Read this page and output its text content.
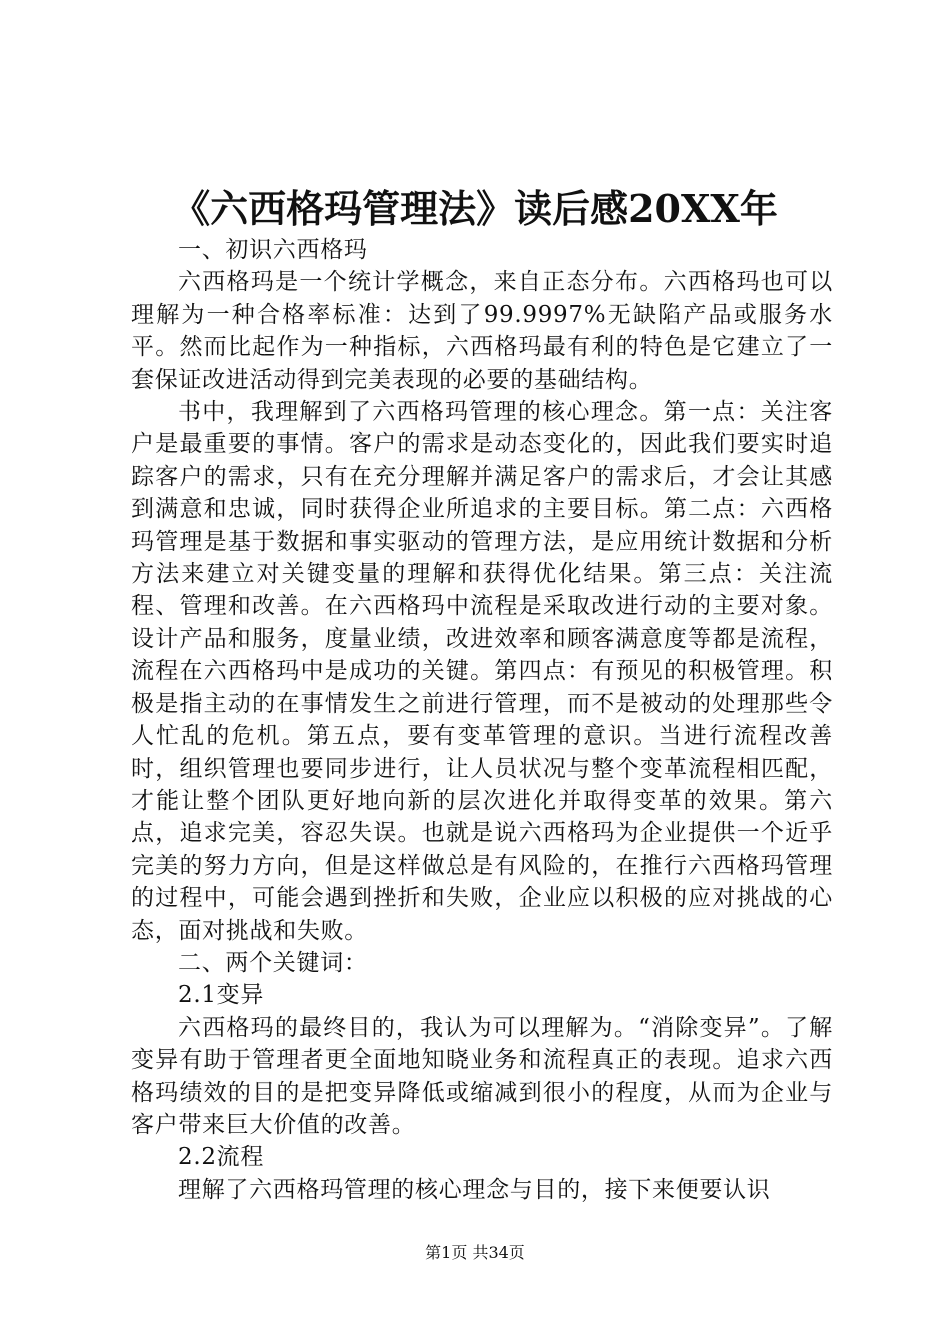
《六西格玛管理法》读后感20XX年

一、初识六西格玛

六西格玛是一个统计学概念，来自正态分布。六西格玛也可以理解为一种合格率标准：达到了99.9997%无缺陷产品或服务水平。然而比起作为一种指标，六西格玛最有利的特色是它建立了一套保证改进活动得到完美表现的必要的基础结构。

书中，我理解到了六西格玛管理的核心理念。第一点：关注客户是最重要的事情。客户的需求是动态变化的，因此我们要实时追踪客户的需求，只有在充分理解并满足客户的需求后，才会让其感到满意和忠诚，同时获得企业所追求的主要目标。第二点：六西格玛管理是基于数据和事实驱动的管理方法，是应用统计数据和分析方法来建立对关键变量的理解和获得优化结果。第三点：关注流程、管理和改善。在六西格玛中流程是采取改进行动的主要对象。设计产品和服务，度量业绩，改进效率和顾客满意度等都是流程，流程在六西格玛中是成功的关键。第四点：有预见的积极管理。积极是指主动的在事情发生之前进行管理，而不是被动的处理那些令人忙乱的危机。第五点，要有变革管理的意识。当进行流程改善时，组织管理也要同步进行，让人员状况与整个变革流程相匹配，才能让整个团队更好地向新的层次进化并取得变革的效果。第六点，追求完美，容忍失误。也就是说六西格玛为企业提供一个近乎完美的努力方向，但是这样做总是有风险的，在推行六西格玛管理的过程中，可能会遇到挫折和失败，企业应以积极的应对挑战的心态，面对挑战和失败。

二、两个关键词：

2.1变异

六西格玛的最终目的，我认为可以理解为。“消除变异”。了解变异有助于管理者更全面地知晓业务和流程真正的表现。追求六西格玛绩效的目的是把变异降低或缩减到很小的程度，从而为企业与客户带来巨大价值的改善。

2.2流程

理解了六西格玛管理的核心理念与目的，接下来便要认识

第1页 共34页
